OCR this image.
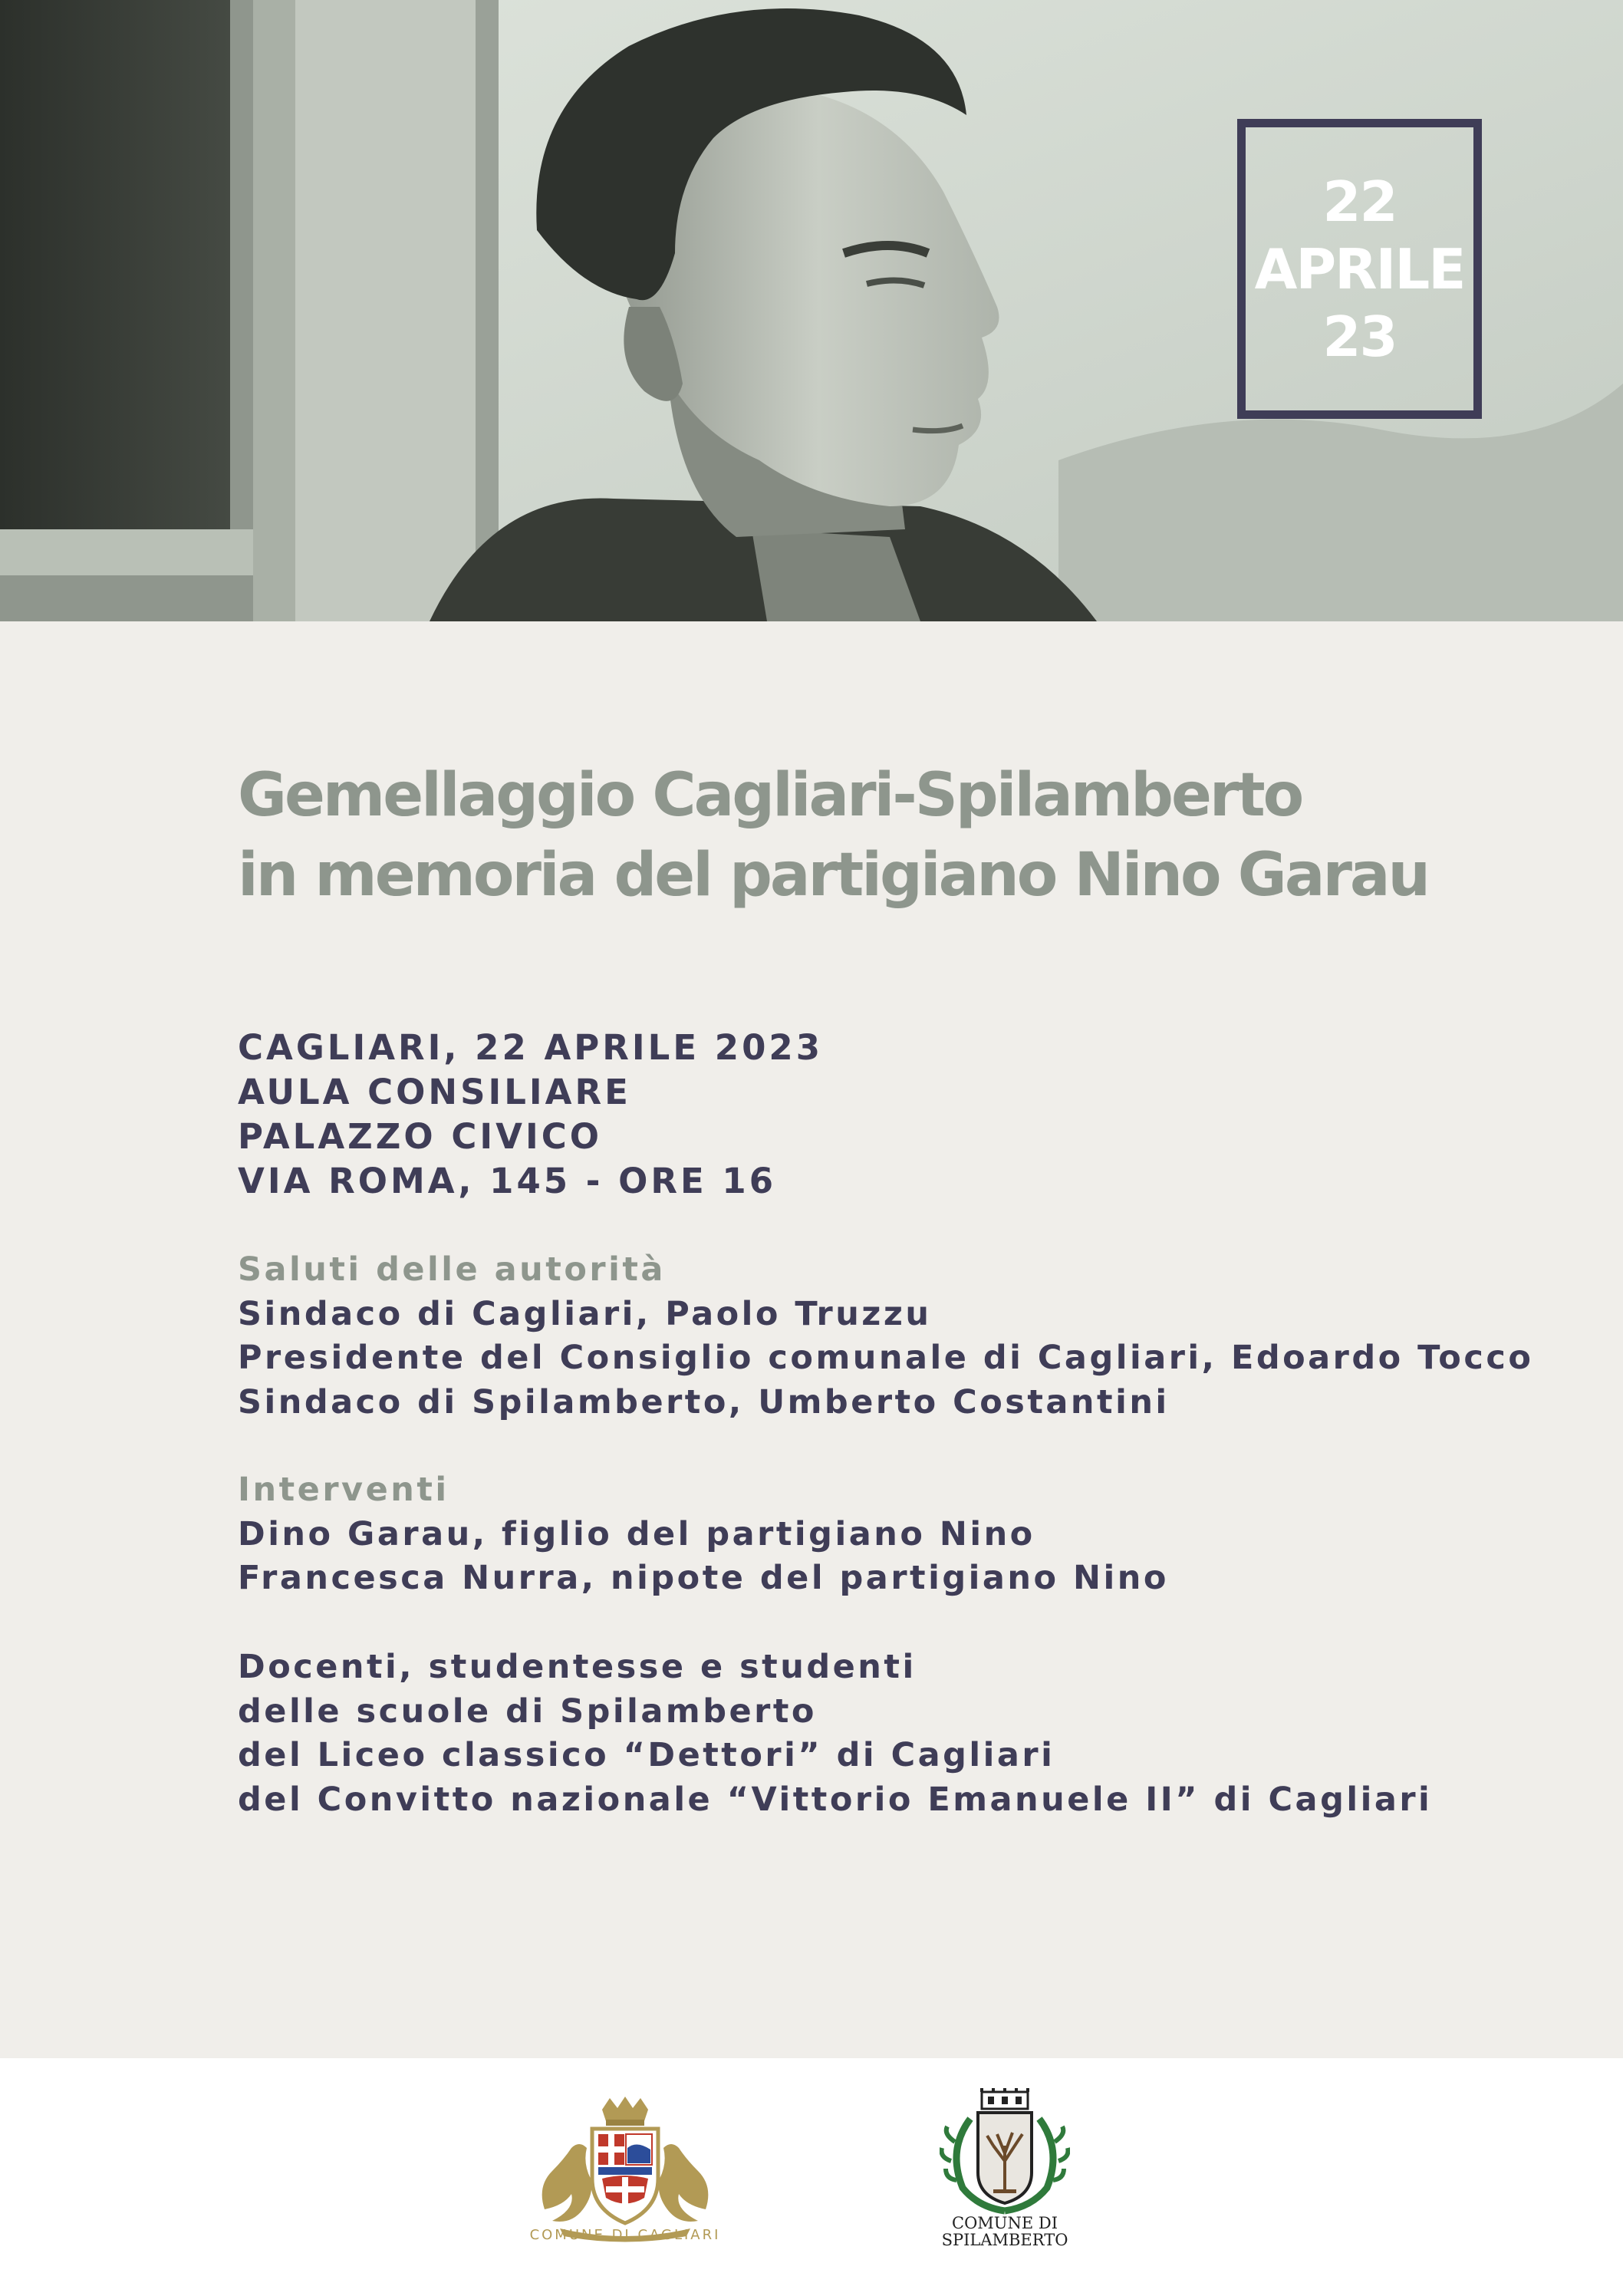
22
APRILE
23
Gemellaggio Cagliari-Spilamberto
in memoria del partigiano Nino Garau
CAGLIARI, 22 APRILE 2023
AULA CONSILIARE
PALAZZO CIVICO
VIA ROMA, 145 - ORE 16
Saluti delle autorità
Sindaco di Cagliari, Paolo Truzzu
Presidente del Consiglio comunale di Cagliari, Edoardo Tocco
Sindaco di Spilamberto, Umberto Costantini
Interventi
Dino Garau, figlio del partigiano Nino
Francesca Nurra, nipote del partigiano Nino
Docenti, studentesse e studenti
delle scuole di Spilamberto
del Liceo classico “Dettori” di Cagliari
del Convitto nazionale “Vittorio Emanuele II” di Cagliari
COMUNE DI CAGLIARI
COMUNE DI
SPILAMBERTO
